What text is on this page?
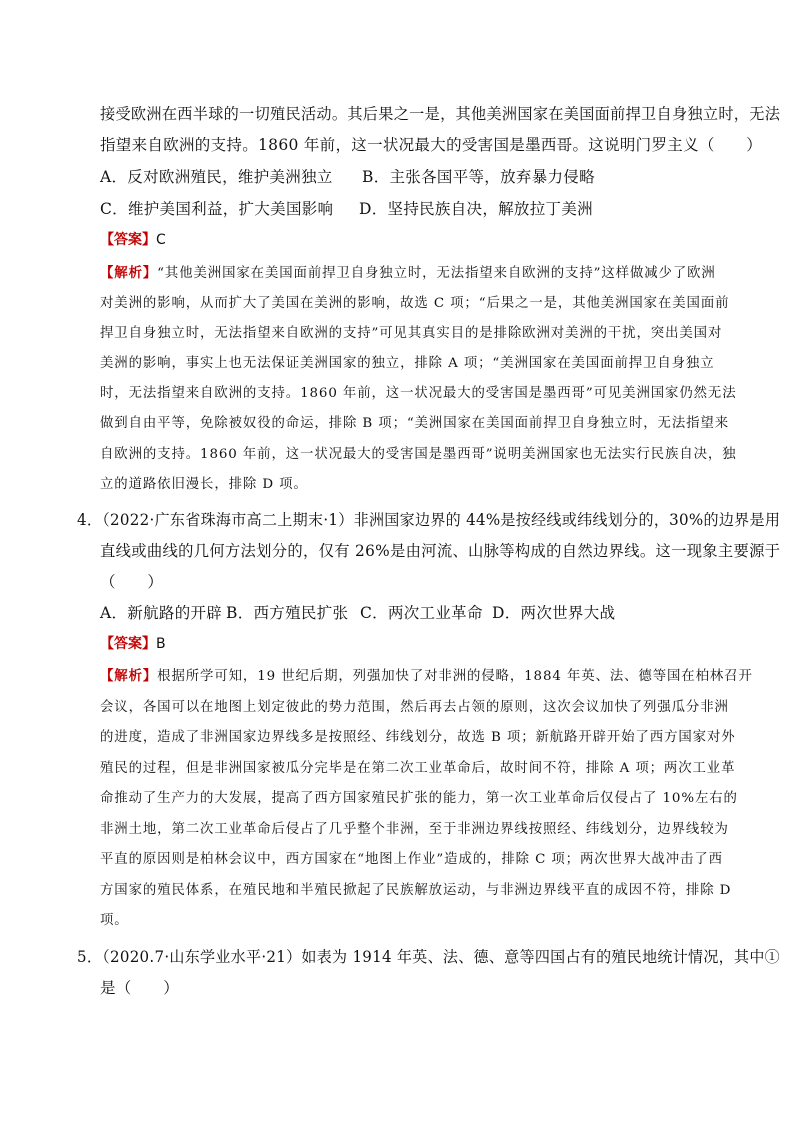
接受欧洲在西半球的一切殖民活动。其后果之一是，其他美洲国家在美国面前捍卫自身独立时，无法
指望来自欧洲的支持。1860 年前，这一状况最大的受害国是墨西哥。这说明门罗主义（　　）
A．反对欧洲殖民，维护美洲独立 B．主张各国平等，放弃暴力侵略
C．维护美国利益，扩大美国影响 D．坚持民族自决，解放拉丁美洲
【答案】C
【解析】“其他美洲国家在美国面前捍卫自身独立时，无法指望来自欧洲的支持”这样做减少了欧洲
对美洲的影响，从而扩大了美国在美洲的影响，故选 C 项；“后果之一是，其他美洲国家在美国面前
捍卫自身独立时，无法指望来自欧洲的支持”可见其真实目的是排除欧洲对美洲的干扰，突出美国对
美洲的影响，事实上也无法保证美洲国家的独立，排除 A 项；“美洲国家在美国面前捍卫自身独立
时，无法指望来自欧洲的支持。1860 年前，这一状况最大的受害国是墨西哥”可见美洲国家仍然无法
做到自由平等，免除被奴役的命运，排除 B 项；“美洲国家在美国面前捍卫自身独立时，无法指望来
自欧洲的支持。1860 年前，这一状况最大的受害国是墨西哥”说明美洲国家也无法实行民族自决，独
立的道路依旧漫长，排除 D 项。
4．（2022·广东省珠海市高二上期末·1）非洲国家边界的 44%是按经线或纬线划分的，30%的边界是用
直线或曲线的几何方法划分的，仅有 26%是由河流、山脉等构成的自然边界线。这一现象主要源于
（　　）
A．新航路的开辟 B．西方殖民扩张 C．两次工业革命 D．两次世界大战
【答案】B
【解析】根据所学可知，19 世纪后期，列强加快了对非洲的侵略，1884 年英、法、德等国在柏林召开
会议，各国可以在地图上划定彼此的势力范围，然后再去占领的原则，这次会议加快了列强瓜分非洲
的进度，造成了非洲国家边界线多是按照经、纬线划分，故选 B 项；新航路开辟开始了西方国家对外
殖民的过程，但是非洲国家被瓜分完毕是在第二次工业革命后，故时间不符，排除 A 项；两次工业革
命推动了生产力的大发展，提高了西方国家殖民扩张的能力，第一次工业革命后仅侵占了 10%左右的
非洲土地，第二次工业革命后侵占了几乎整个非洲，至于非洲边界线按照经、纬线划分，边界线较为
平直的原因则是柏林会议中，西方国家在“地图上作业”造成的，排除 C 项；两次世界大战冲击了西
方国家的殖民体系，在殖民地和半殖民掀起了民族解放运动，与非洲边界线平直的成因不符，排除 D
项。
5．（2020.7·山东学业水平·21）如表为 1914 年英、法、德、意等四国占有的殖民地统计情况，其中①
是（　　）
